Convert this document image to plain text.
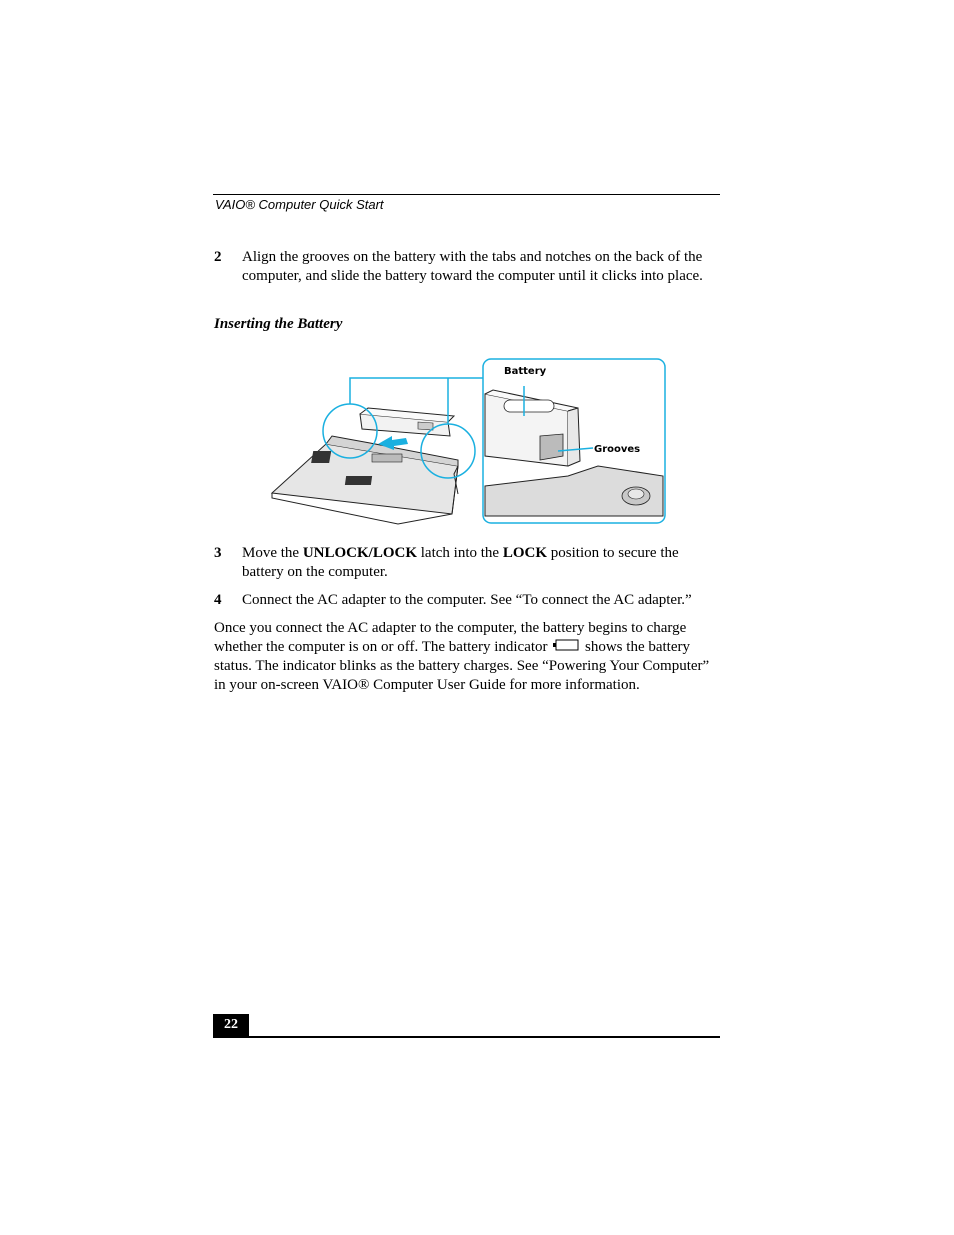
VAIO® Computer Quick Start
2 Align the grooves on the battery with the tabs and notches on the back of the computer, and slide the battery toward the computer until it clicks into place.
Inserting the Battery
Battery
Grooves
3 Move the UNLOCK/LOCK latch into the LOCK position to secure the battery on the computer.
4 Connect the AC adapter to the computer. See “To connect the AC adapter.”
Once you connect the AC adapter to the computer, the battery begins to charge whether the computer is on or off. The battery indicator  shows the battery status. The indicator blinks as the battery charges. See “Powering Your Computer” in your on-screen VAIO® Computer User Guide for more information.
22
